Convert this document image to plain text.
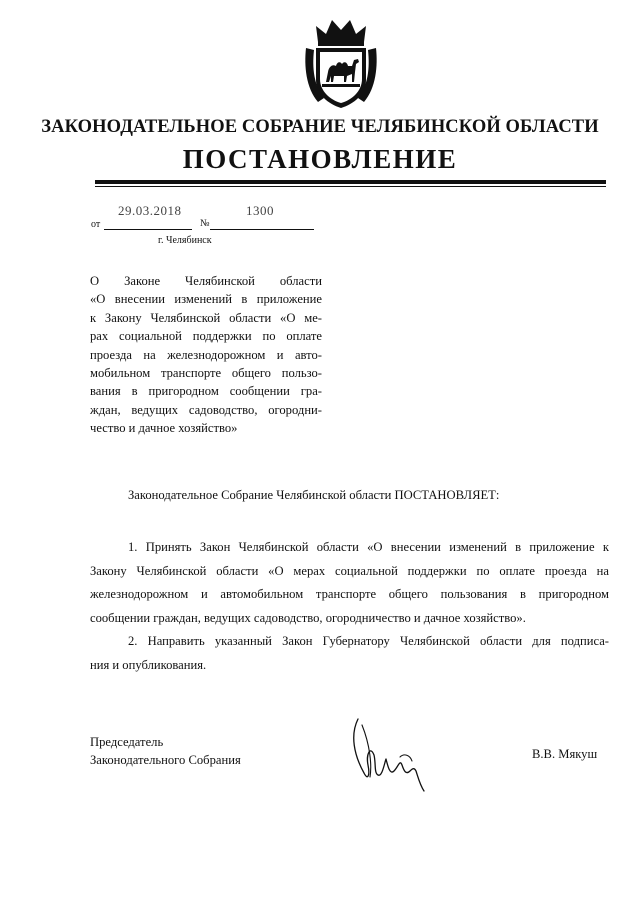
ЗАКОНОДАТЕЛЬНОЕ СОБРАНИЕ ЧЕЛЯБИНСКОЙ ОБЛАСТИ
ПОСТАНОВЛЕНИЕ
от
29.03.2018
№
1300
г. Челябинск
О Законе Челябинской области
«О внесении изменений в приложение
к Закону Челябинской области «О ме-
рах социальной поддержки по оплате
проезда на железнодорожном и авто-
мобильном транспорте общего пользо-
вания в пригородном сообщении гра-
ждан, ведущих садоводство, огородни-
чество и дачное хозяйство»
Законодательное Собрание Челябинской области ПОСТАНОВЛЯЕТ:
1. Принять Закон Челябинской области «О внесении изменений в приложение к
Закону Челябинской области «О мерах социальной поддержки по оплате проезда на
железнодорожном и автомобильном транспорте общего пользования в пригородном
сообщении граждан, ведущих садоводство, огородничество и дачное хозяйство».
2. Направить указанный Закон Губернатору Челябинской области для подписа-
ния и опубликования.
Председатель
Законодательного Собрания	В.В. Мякуш
